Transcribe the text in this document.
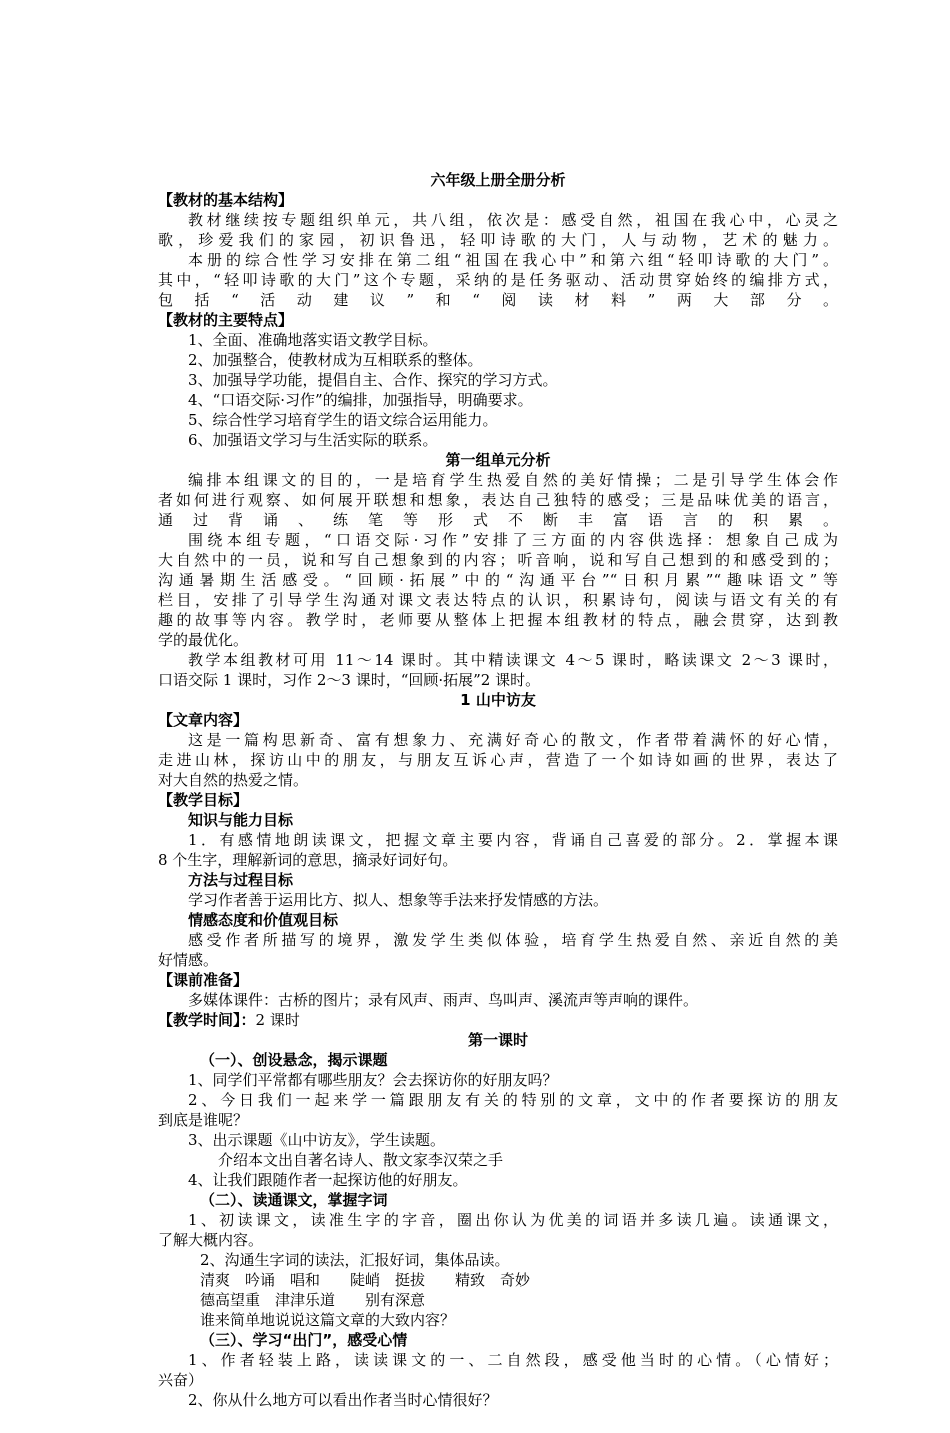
六年级上册全册分析
【教材的基本结构】
教材继续按专题组织单元，共八组，依次是：感受自然，祖国在我心中，心灵之
歌，珍爱我们的家园，初识鲁迅，轻叩诗歌的大门，人与动物，艺术的魅力。
本册的综合性学习安排在第二组“祖国在我心中”和第六组“轻叩诗歌的大门”。
其中，“轻叩诗歌的大门”这个专题，采纳的是任务驱动、活动贯穿始终的编排方式，
包括“活动建议”和“阅读材料”两大部分。
【教材的主要特点】
1、全面、准确地落实语文教学目标。
2、加强整合，使教材成为互相联系的整体。
3、加强导学功能，提倡自主、合作、探究的学习方式。
4、“口语交际·习作”的编排，加强指导，明确要求。
5、综合性学习培育学生的语文综合运用能力。
6、加强语文学习与生活实际的联系。
第一组单元分析
编排本组课文的目的，一是培育学生热爱自然的美好情操；二是引导学生体会作
者如何进行观察、如何展开联想和想象，表达自己独特的感受；三是品味优美的语言，
通过背诵、练笔等形式不断丰富语言的积累。
围绕本组专题，“口语交际·习作”安排了三方面的内容供选择：想象自己成为
大自然中的一员，说和写自己想象到的内容；听音响，说和写自己想到的和感受到的；
沟通暑期生活感受。“回顾·拓展”中的“沟通平台”“日积月累”“趣味语文”等
栏目，安排了引导学生沟通对课文表达特点的认识，积累诗句，阅读与语文有关的有
趣的故事等内容。教学时，老师要从整体上把握本组教材的特点，融会贯穿，达到教
学的最优化。
教学本组教材可用 11～14 课时。其中精读课文 4～5 课时，略读课文 2～3 课时，
口语交际 1 课时，习作 2～3 课时，“回顾·拓展”2 课时。
1 山中访友
【文章内容】
这是一篇构思新奇、富有想象力、充满好奇心的散文，作者带着满怀的好心情，
走进山林，探访山中的朋友，与朋友互诉心声，营造了一个如诗如画的世界，表达了
对大自然的热爱之情。
【教学目标】
知识与能力目标
1．有感情地朗读课文，把握文章主要内容，背诵自己喜爱的部分。2．掌握本课
8 个生字，理解新词的意思，摘录好词好句。
方法与过程目标
学习作者善于运用比方、拟人、想象等手法来抒发情感的方法。
情感态度和价值观目标
感受作者所描写的境界，激发学生类似体验，培育学生热爱自然、亲近自然的美
好情感。
【课前准备】
多媒体课件：古桥的图片；录有风声、雨声、鸟叫声、溪流声等声响的课件。
【教学时间】：2 课时
第一课时
（一）、创设悬念，揭示课题
1、同学们平常都有哪些朋友？会去探访你的好朋友吗？
2、今日我们一起来学一篇跟朋友有关的特别的文章，文中的作者要探访的朋友
到底是谁呢？
3、出示课题《山中访友》，学生读题。
介绍本文出自著名诗人、散文家李汉荣之手
4、让我们跟随作者一起探访他的好朋友。
（二）、读通课文，掌握字词
1、初读课文，读准生字的字音，圈出你认为优美的词语并多读几遍。读通课文，
了解大概内容。
2、沟通生字词的读法，汇报好词，集体品读。
清爽　吟诵　唱和　　陡峭　挺拔　　精致　奇妙
德高望重　津津乐道　　别有深意
谁来简单地说说这篇文章的大致内容？
（三）、学习“出门”，感受心情
1、作者轻装上路，读读课文的一、二自然段，感受他当时的心情。（心情好；
兴奋）
2、你从什么地方可以看出作者当时心情很好？
